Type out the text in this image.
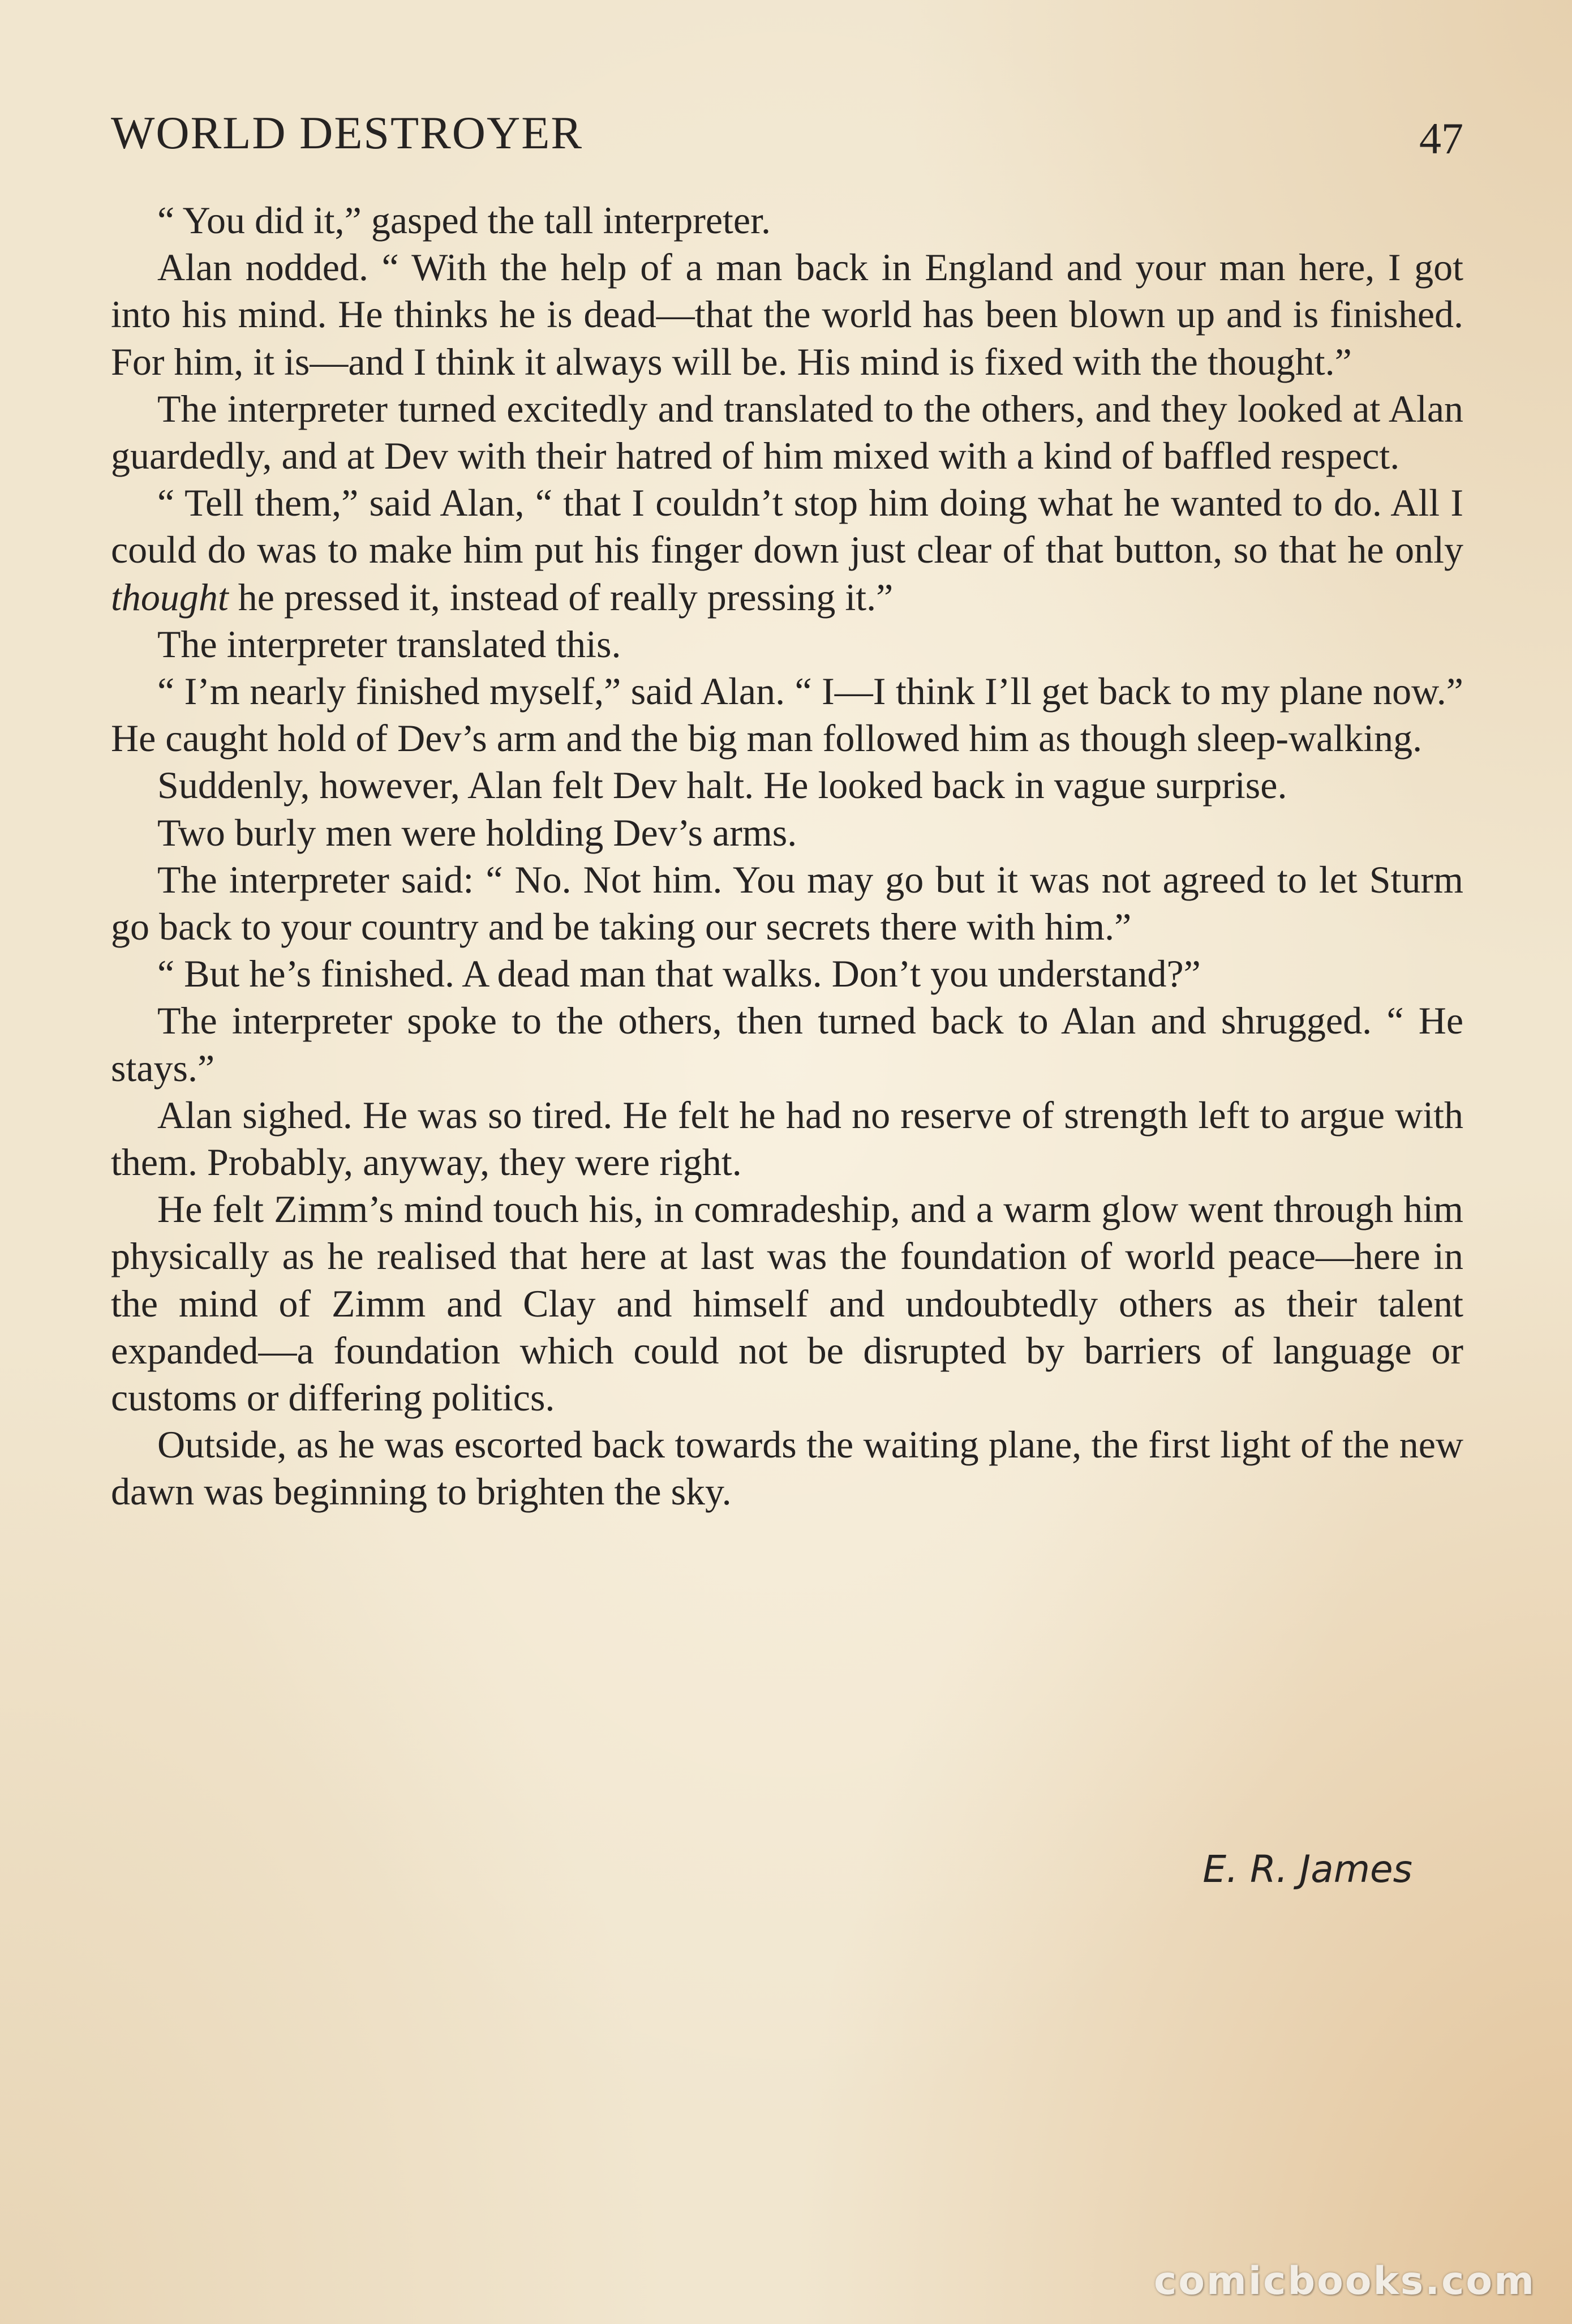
WORLD DESTROYER	47

“ You did it,” gasped the tall interpreter.

Alan nodded. “ With the help of a man back in England and your man here, I got into his mind. He thinks he is dead—that the world has been blown up and is finished. For him, it is—and I think it always will be. His mind is fixed with the thought.”

The interpreter turned excitedly and translated to the others, and they looked at Alan guardedly, and at Dev with their hatred of him mixed with a kind of baffled respect.

“ Tell them,” said Alan, “ that I couldn’t stop him doing what he wanted to do. All I could do was to make him put his finger down just clear of that button, so that he only thought he pressed it, instead of really pressing it.”

The interpreter translated this.

“ I’m nearly finished myself,” said Alan. “ I—I think I’ll get back to my plane now.” He caught hold of Dev’s arm and the big man followed him as though sleep-walking.

Suddenly, however, Alan felt Dev halt. He looked back in vague surprise.

Two burly men were holding Dev’s arms.

The interpreter said: “ No. Not him. You may go but it was not agreed to let Sturm go back to your country and be taking our secrets there with him.”

“ But he’s finished. A dead man that walks. Don’t you understand?”

The interpreter spoke to the others, then turned back to Alan and shrugged. “ He stays.”

Alan sighed. He was so tired. He felt he had no reserve of strength left to argue with them. Probably, anyway, they were right.

He felt Zimm’s mind touch his, in comradeship, and a warm glow went through him physically as he realised that here at last was the foundation of world peace—here in the mind of Zimm and Clay and himself and undoubtedly others as their talent expanded—a foundation which could not be disrupted by barriers of language or customs or differing politics.

Outside, as he was escorted back towards the waiting plane, the first light of the new dawn was beginning to brighten the sky.

E. R. James
comicbooks.com
